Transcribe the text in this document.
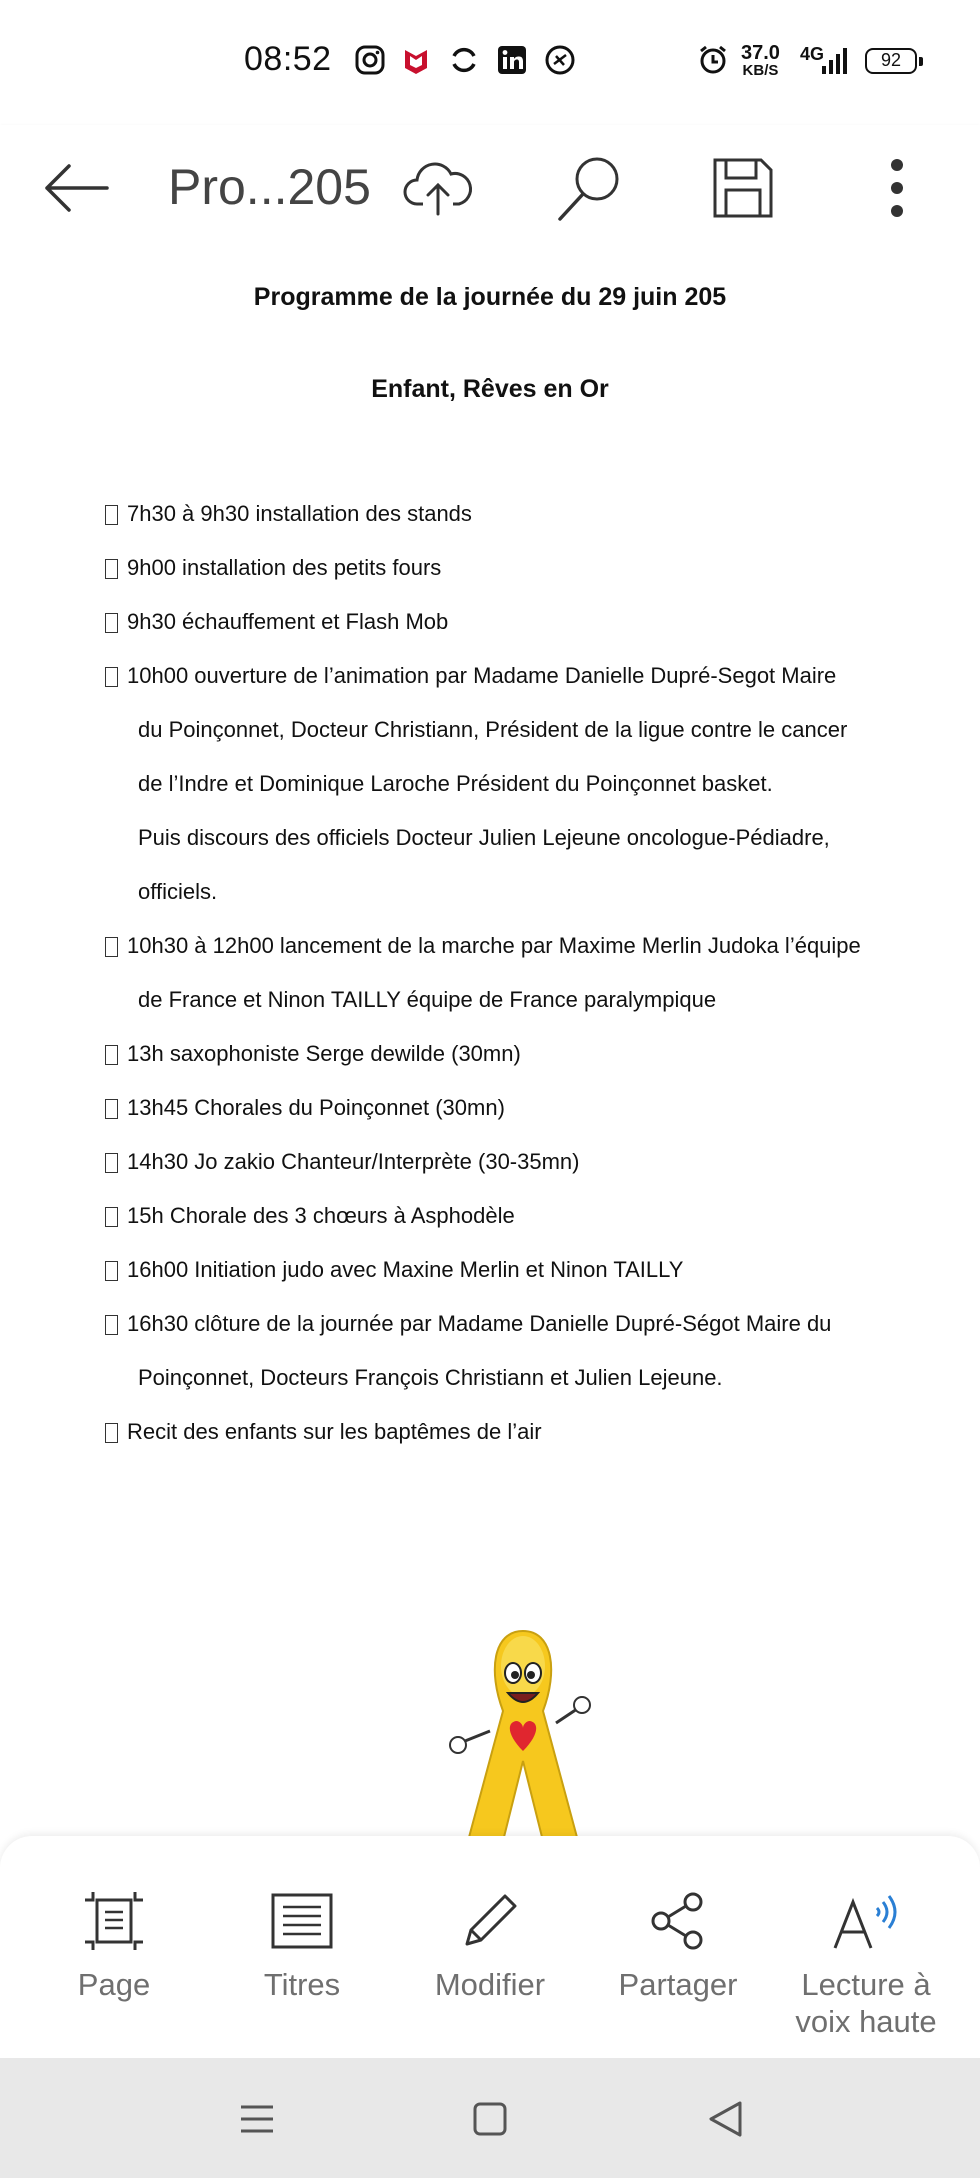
08:52	37.0
KB/S
4G	92
Pro...205
Programme de la journée du 29 juin 205
Enfant, Rêves en Or
7h30 à 9h30 installation des stands
9h00 installation des petits fours
9h30 échauffement et Flash Mob
10h00 ouverture de l’animation par Madame Danielle Dupré-Segot Maire
du Poinçonnet, Docteur Christiann, Président de la ligue contre le cancer
de l’Indre et Dominique Laroche Président du Poinçonnet basket.
Puis discours des officiels Docteur Julien Lejeune oncologue-Pédiadre,
officiels.
10h30 à 12h00 lancement de la marche par Maxime Merlin Judoka l’équipe
de France et Ninon TAILLY équipe de France paralympique
13h saxophoniste Serge dewilde (30mn)
13h45 Chorales du Poinçonnet (30mn)
14h30 Jo zakio Chanteur/Interprète (30-35mn)
15h Chorale des 3 chœurs à Asphodèle
16h00 Initiation judo avec Maxine Merlin et Ninon TAILLY
16h30 clôture de la journée par Madame Danielle Dupré-Ségot Maire du
Poinçonnet, Docteurs François Christiann et Julien Lejeune.
Recit des enfants sur les baptêmes de l’air
Page	Titres	Modifier	Partager	Lecture à voix haute
